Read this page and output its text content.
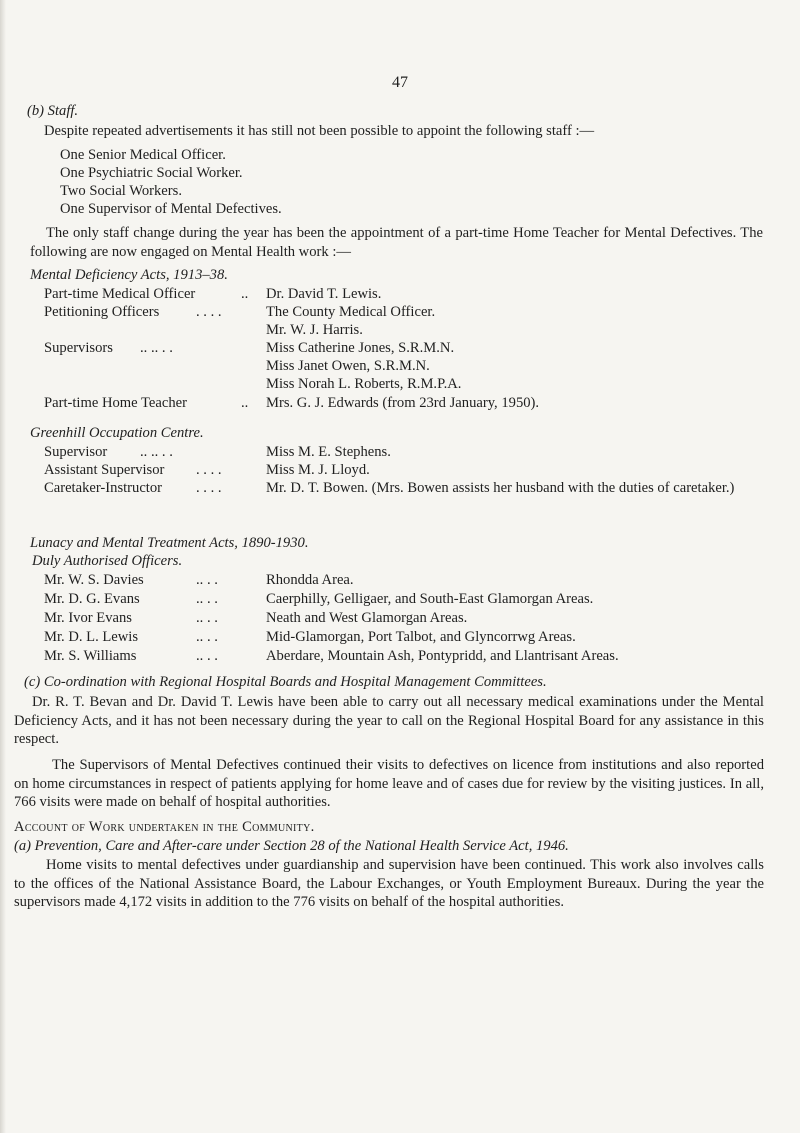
47
(b) Staff.
Despite repeated advertisements it has still not been possible to appoint the following staff :—
One Senior Medical Officer.
One Psychiatric Social Worker.
Two Social Workers.
One Supervisor of Mental Defectives.
The only staff change during the year has been the appointment of a part-time Home Teacher for Mental Defectives. The following are now engaged on Mental Health work :—
Mental Deficiency Acts, 1913–38.
Part-time Medical Officer	.. Dr. David T. Lewis.
Petitioning Officers	. . . .	The County Medical Officer.
Mr. W. J. Harris.
Supervisors .. .. . .	Miss Catherine Jones, S.R.M.N.
Miss Janet Owen, S.R.M.N.
Miss Norah L. Roberts, R.M.P.A.
Part-time Home Teacher	.. Mrs. G. J. Edwards (from 23rd January, 1950).
Greenhill Occupation Centre.
Supervisor .. .. . .	Miss M. E. Stephens.
Assistant Supervisor . . . .	Miss M. J. Lloyd.
Caretaker-Instructor . . . .	Mr. D. T. Bowen. (Mrs. Bowen assists her husband with the duties of caretaker.)
Lunacy and Mental Treatment Acts, 1890-1930.
Duly Authorised Officers.
Mr. W. S. Davies	.. . .	Rhondda Area.
Mr. D. G. Evans	.. . .	Caerphilly, Gelligaer, and South-East Glamorgan Areas.
Mr. Ivor Evans	.. . .	Neath and West Glamorgan Areas.
Mr. D. L. Lewis	.. . .	Mid-Glamorgan, Port Talbot, and Glyncorrwg Areas.
Mr. S. Williams	.. . .	Aberdare, Mountain Ash, Pontypridd, and Llantrisant Areas.
(c) Co-ordination with Regional Hospital Boards and Hospital Management Committees.
Dr. R. T. Bevan and Dr. David T. Lewis have been able to carry out all necessary medical examinations under the Mental Deficiency Acts, and it has not been necessary during the year to call on the Regional Hospital Board for any assistance in this respect.
The Supervisors of Mental Defectives continued their visits to defectives on licence from institutions and also reported on home circumstances in respect of patients applying for home leave and of cases due for review by the visiting justices. In all, 766 visits were made on behalf of hospital authorities.
Account of Work undertaken in the Community.
(a) Prevention, Care and After-care under Section 28 of the National Health Service Act, 1946.
Home visits to mental defectives under guardianship and supervision have been continued. This work also involves calls to the offices of the National Assistance Board, the Labour Exchanges, or Youth Employment Bureaux. During the year the supervisors made 4,172 visits in addition to the 776 visits on behalf of the hospital authorities.
